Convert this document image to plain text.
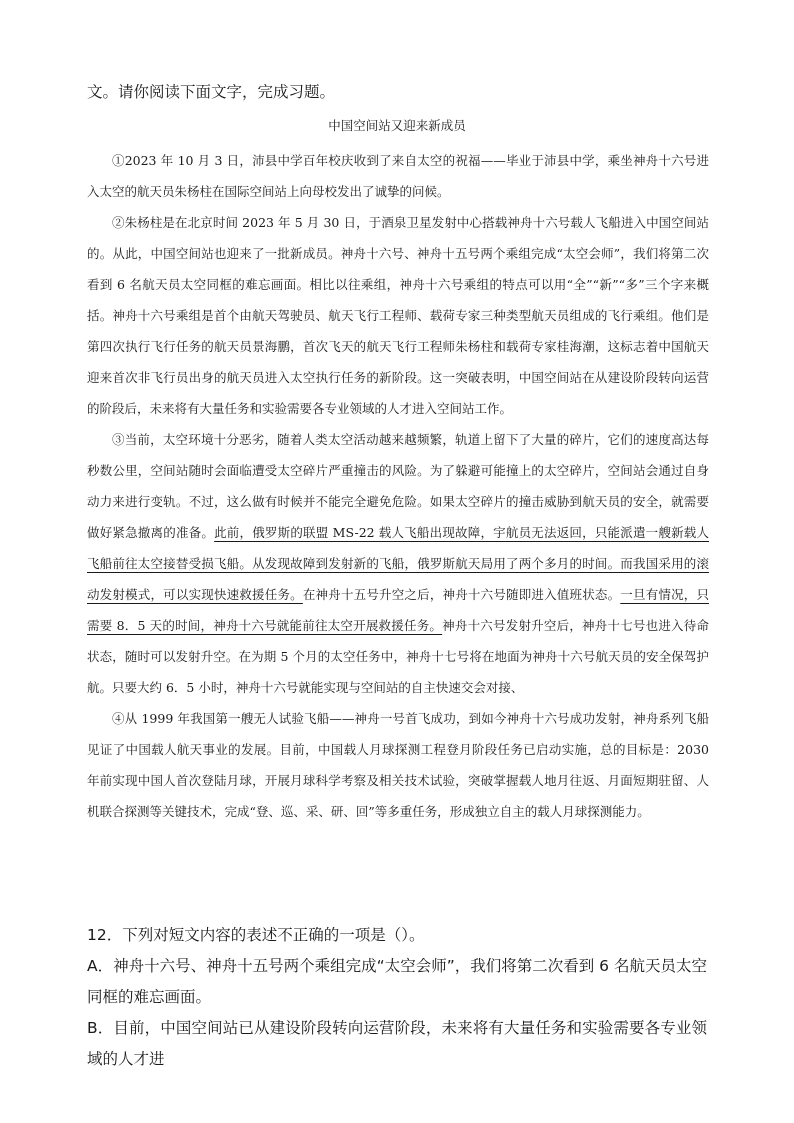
文。请你阅读下面文字，完成习题。
中国空间站又迎来新成员

①2023 年 10 月 3 日，沛县中学百年校庆收到了来自太空的祝福——毕业于沛县中学，乘坐神舟十六号进入太空的航天员朱杨柱在国际空间站上向母校发出了诚挚的问候。

②朱杨柱是在北京时间 2023 年 5 月 30 日，于酒泉卫星发射中心搭载神舟十六号载人飞船进入中国空间站的。从此，中国空间站也迎来了一批新成员。神舟十六号、神舟十五号两个乘组完成“太空会师”，我们将第二次看到 6 名航天员太空同框的难忘画面。相比以往乘组，神舟十六号乘组的特点可以用“全”“新”“多”三个字来概括。神舟十六号乘组是首个由航天驾驶员、航天飞行工程师、载荷专家三种类型航天员组成的飞行乘组。他们是第四次执行飞行任务的航天员景海鹏，首次飞天的航天飞行工程师朱杨柱和载荷专家桂海潮，这标志着中国航天迎来首次非飞行员出身的航天员进入太空执行任务的新阶段。这一突破表明，中国空间站在从建设阶段转向运营的阶段后，未来将有大量任务和实验需要各专业领域的人才进入空间站工作。

③当前，太空环境十分恶劣，随着人类太空活动越来越频繁，轨道上留下了大量的碎片，它们的速度高达每秒数公里，空间站随时会面临遭受太空碎片严重撞击的风险。为了躲避可能撞上的太空碎片，空间站会通过自身动力来进行变轨。不过，这么做有时候并不能完全避免危险。如果太空碎片的撞击威胁到航天员的安全，就需要做好紧急撤离的准备。此前，俄罗斯的联盟 MS-22 载人飞船出现故障，宇航员无法返回，只能派遣一艘新载人飞船前往太空接替受损飞船。从发现故障到发射新的飞船，俄罗斯航天局用了两个多月的时间。而我国采用的滚动发射模式，可以实现快速救援任务。在神舟十五号升空之后，神舟十六号随即进入值班状态。一旦有情况，只需要 8．5 天的时间，神舟十六号就能前往太空开展救援任务。神舟十六号发射升空后，神舟十七号也进入待命状态，随时可以发射升空。在为期 5 个月的太空任务中，神舟十七号将在地面为神舟十六号航天员的安全保驾护航。只要大约 6．5 小时，神舟十六号就能实现与空间站的自主快速交会对接、

④从 1999 年我国第一艘无人试验飞船——神舟一号首飞成功，到如今神舟十六号成功发射，神舟系列飞船见证了中国载人航天事业的发展。目前，中国载人月球探测工程登月阶段任务已启动实施，总的目标是：2030 年前实现中国人首次登陆月球，开展月球科学考察及相关技术试验，突破掌握载人地月往返、月面短期驻留、人机联合探测等关键技术，完成“登、巡、采、研、回”等多重任务，形成独立自主的载人月球探测能力。

12．下列对短文内容的表述不正确的一项是（）。

A．神舟十六号、神舟十五号两个乘组完成“太空会师”，我们将第二次看到 6 名航天员太空同框的难忘画面。

B．目前，中国空间站已从建设阶段转向运营阶段，未来将有大量任务和实验需要各专业领域的人才进
